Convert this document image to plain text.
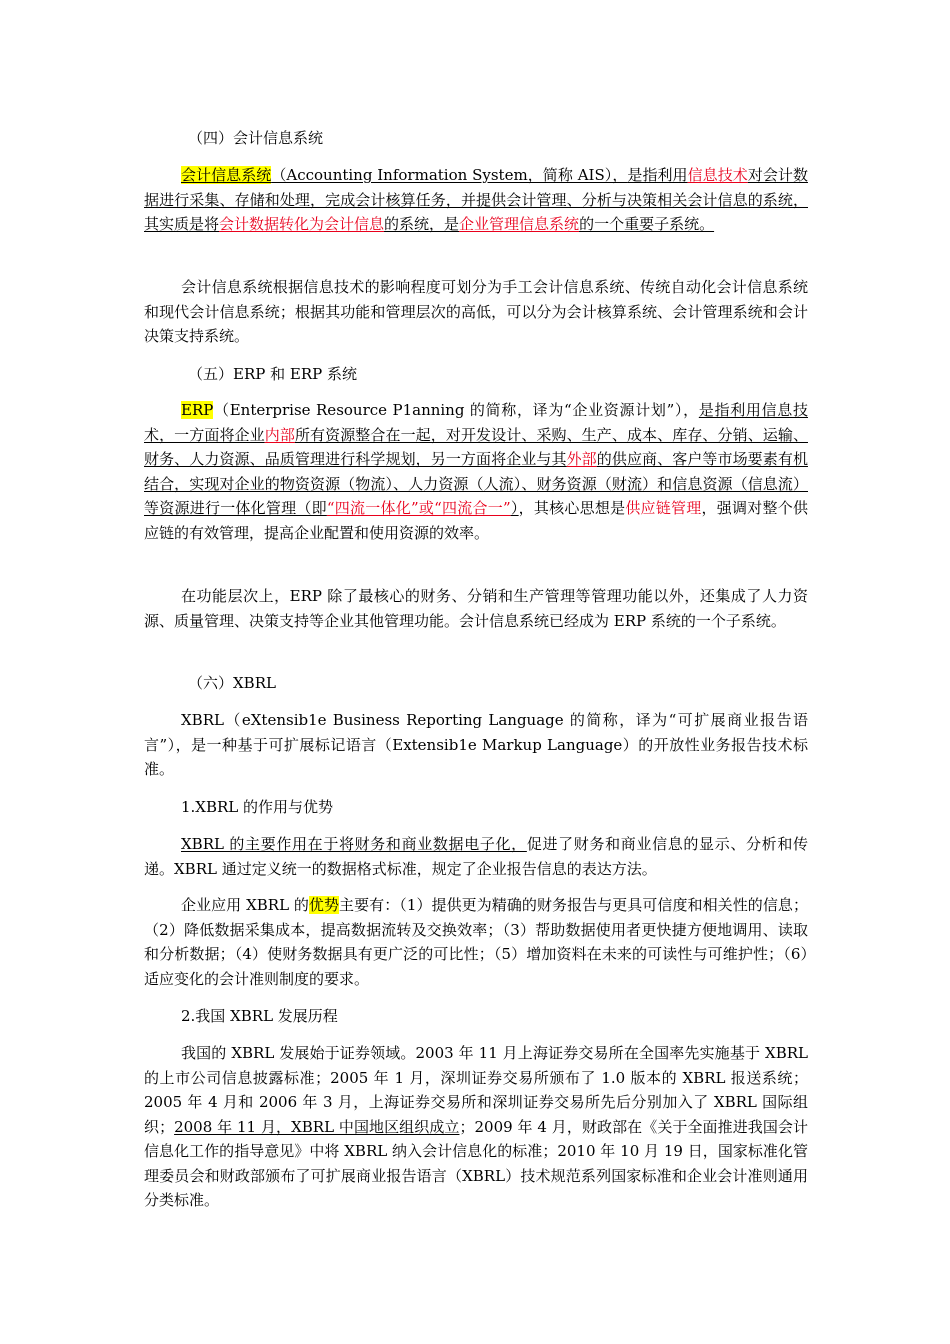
（四）会计信息系统

会计信息系统（Accounting Information System，简称 AIS），是指利用信息技术对会计数据进行采集、存储和处理，完成会计核算任务，并提供会计管理、分析与决策相关会计信息的系统，其实质是将会计数据转化为会计信息的系统，是企业管理信息系统的一个重要子系统。

会计信息系统根据信息技术的影响程度可划分为手工会计信息系统、传统自动化会计信息系统和现代会计信息系统；根据其功能和管理层次的高低，可以分为会计核算系统、会计管理系统和会计决策支持系统。

（五）ERP 和 ERP 系统

ERP（Enterprise Resource P1anning 的简称，译为“企业资源计划”），是指利用信息技术，一方面将企业内部所有资源整合在一起，对开发设计、采购、生产、成本、库存、分销、运输、财务、人力资源、品质管理进行科学规划，另一方面将企业与其外部的供应商、客户等市场要素有机结合，实现对企业的物资资源（物流）、人力资源（人流）、财务资源（财流）和信息资源（信息流）等资源进行一体化管理（即“四流一体化”或“四流合一”），其核心思想是供应链管理，强调对整个供应链的有效管理，提高企业配置和使用资源的效率。

在功能层次上，ERP 除了最核心的财务、分销和生产管理等管理功能以外，还集成了人力资源、质量管理、决策支持等企业其他管理功能。会计信息系统已经成为 ERP 系统的一个子系统。

（六）XBRL

XBRL（eXtensib1e Business Reporting Language 的简称，译为“可扩展商业报告语言”），是一种基于可扩展标记语言（Extensib1e Markup Language）的开放性业务报告技术标准。

1.XBRL 的作用与优势

XBRL 的主要作用在于将财务和商业数据电子化，促进了财务和商业信息的显示、分析和传递。XBRL 通过定义统一的数据格式标准，规定了企业报告信息的表达方法。

企业应用 XBRL 的优势主要有：（1）提供更为精确的财务报告与更具可信度和相关性的信息；（2）降低数据采集成本，提高数据流转及交换效率；（3）帮助数据使用者更快捷方便地调用、读取和分析数据；（4）使财务数据具有更广泛的可比性；（5）增加资料在未来的可读性与可维护性；（6）适应变化的会计准则制度的要求。

2.我国 XBRL 发展历程

我国的 XBRL 发展始于证券领域。2003 年 11 月上海证券交易所在全国率先实施基于 XBRL 的上市公司信息披露标准；2005 年 1 月，深圳证券交易所颁布了 1.0 版本的 XBRL 报送系统；2005 年 4 月和 2006 年 3 月，上海证券交易所和深圳证券交易所先后分别加入了 XBRL 国际组织；2008 年 11 月，XBRL 中国地区组织成立；2009 年 4 月，财政部在《关于全面推进我国会计信息化工作的指导意见》中将 XBRL 纳入会计信息化的标准；2010 年 10 月 19 日，国家标准化管理委员会和财政部颁布了可扩展商业报告语言（XBRL）技术规范系列国家标准和企业会计准则通用分类标准。
